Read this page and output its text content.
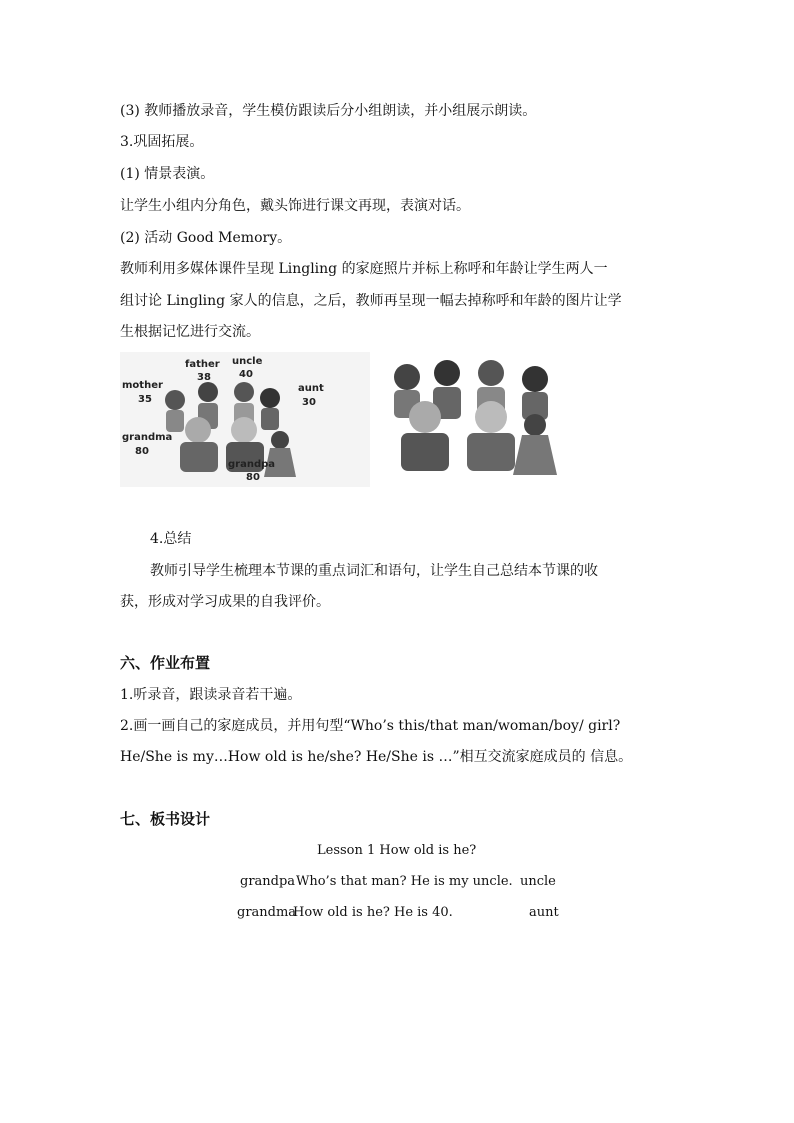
(3) 教师播放录音，学生模仿跟读后分小组朗读，并小组展示朗读。
3.巩固拓展。
(1) 情景表演。
让学生小组内分角色，戴头饰进行课文再现，表演对话。
(2) 活动 Good Memory。
教师利用多媒体课件呈现 Lingling 的家庭照片并标上称呼和年龄让学生两人一
组讨论 Lingling 家人的信息，之后，教师再呈现一幅去掉称呼和年龄的图片让学
生根据记忆进行交流。
father
38
uncle
40
mother
35
aunt
30
grandma
80
grandpa
80
4.总结
教师引导学生梳理本节课的重点词汇和语句，让学生自己总结本节课的收
获，形成对学习成果的自我评价。
六、作业布置
1.听录音，跟读录音若干遍。
2.画一画自己的家庭成员，并用句型“Who’s this/that man/woman/boy/ girl?
He/She is my…How old is he/she? He/She is …”相互交流家庭成员的 信息。
七、板书设计
Lesson 1 How old is he?
grandpa Who’s that man? He is my uncle. uncle
grandma
How old is he? He is 40.	aunt
